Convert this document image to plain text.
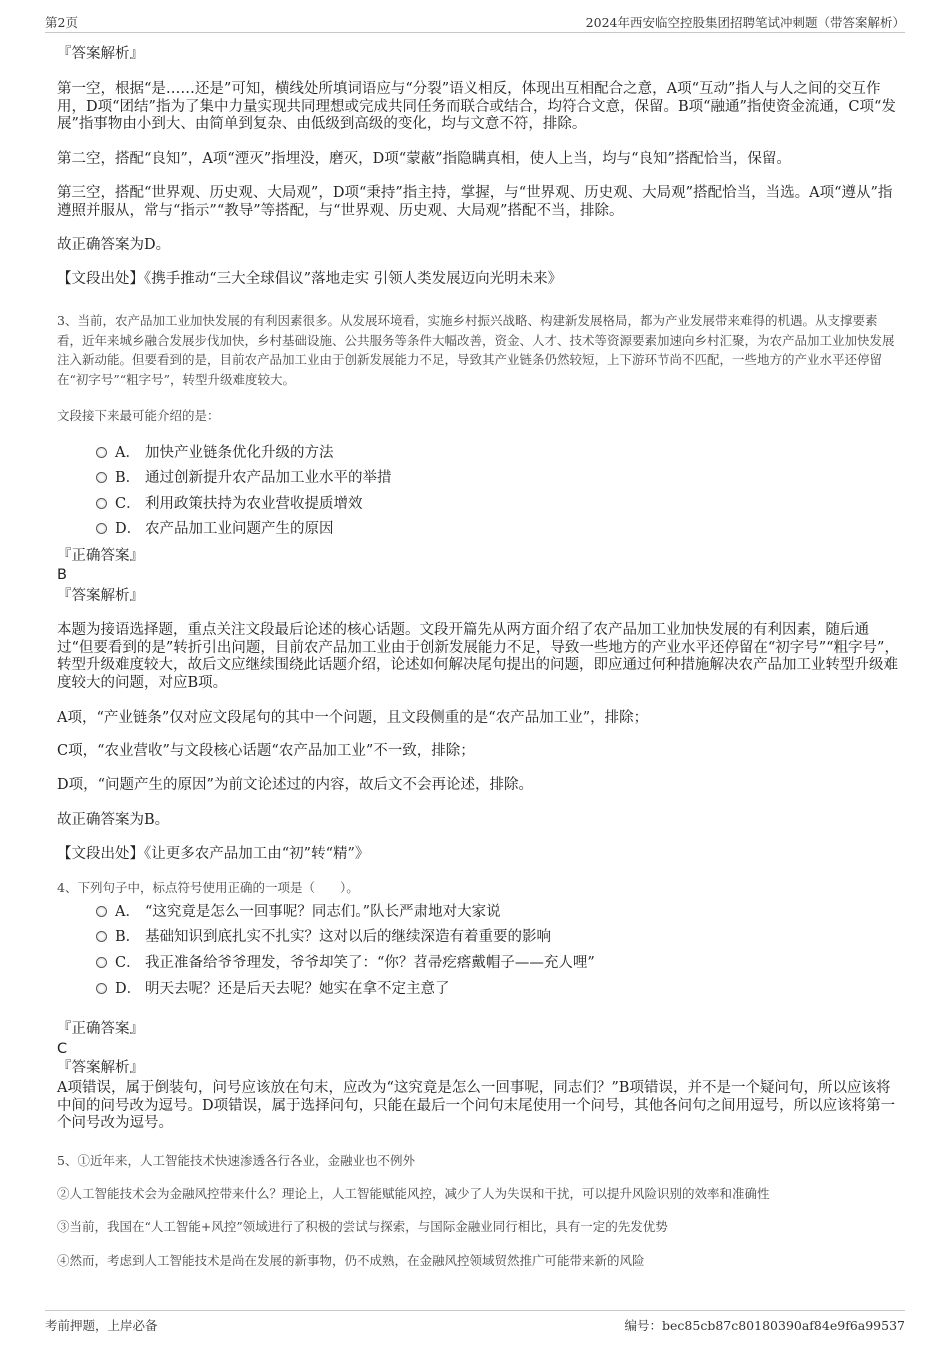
第2页	2024年西安临空控股集团招聘笔试冲刺题（带答案解析）

『答案解析』

第一空，根据“是……还是”可知，横线处所填词语应与“分裂”语义相反，体现出互相配合之意，A项“互动”指人与人之间的交互作用，D项“团结”指为了集中力量实现共同理想或完成共同任务而联合或结合，均符合文意，保留。B项“融通”指使资金流通，C项“发展”指事物由小到大、由简单到复杂、由低级到高级的变化，均与文意不符，排除。

第二空，搭配“良知”，A项“湮灭”指埋没，磨灭，D项“蒙蔽”指隐瞒真相，使人上当，均与“良知”搭配恰当，保留。

第三空，搭配“世界观、历史观、大局观”，D项“秉持”指主持，掌握，与“世界观、历史观、大局观”搭配恰当，当选。A项“遵从”指遵照并服从，常与“指示”“教导”等搭配，与“世界观、历史观、大局观”搭配不当，排除。

故正确答案为D。

【文段出处】《携手推动“三大全球倡议”落地走实 引领人类发展迈向光明未来》

3、当前，农产品加工业加快发展的有利因素很多。从发展环境看，实施乡村振兴战略、构建新发展格局，都为产业发展带来难得的机遇。从支撑要素看，近年来城乡融合发展步伐加快，乡村基础设施、公共服务等条件大幅改善，资金、人才、技术等资源要素加速向乡村汇聚，为农产品加工业加快发展注入新动能。但要看到的是，目前农产品加工业由于创新发展能力不足，导致其产业链条仍然较短，上下游环节尚不匹配，一些地方的产业水平还停留在“初字号”“粗字号”，转型升级难度较大。

文段接下来最可能介绍的是：

A． 加快产业链条优化升级的方法
B． 通过创新提升农产品加工业水平的举措
C． 利用政策扶持为农业营收提质增效
D． 农产品加工业问题产生的原因

『正确答案』

B

『答案解析』

本题为接语选择题，重点关注文段最后论述的核心话题。文段开篇先从两方面介绍了农产品加工业加快发展的有利因素，随后通过“但要看到的是”转折引出问题，目前农产品加工业由于创新发展能力不足，导致一些地方的产业水平还停留在“初字号”“粗字号”，转型升级难度较大，故后文应继续围绕此话题介绍，论述如何解决尾句提出的问题，即应通过何种措施解决农产品加工业转型升级难度较大的问题，对应B项。

A项，“产业链条”仅对应文段尾句的其中一个问题，且文段侧重的是“农产品加工业”，排除；

C项，“农业营收”与文段核心话题“农产品加工业”不一致，排除；

D项，“问题产生的原因”为前文论述过的内容，故后文不会再论述，排除。

故正确答案为B。

【文段出处】《让更多农产品加工由“初”转“精”》

4、下列句子中，标点符号使用正确的一项是（　　）。

A． “这究竟是怎么一回事呢？同志们。”队长严肃地对大家说
B． 基础知识到底扎实不扎实？这对以后的继续深造有着重要的影响
C． 我正准备给爷爷理发，爷爷却笑了：“你？苕帚疙瘩戴帽子——充人哩”
D． 明天去呢？还是后天去呢？她实在拿不定主意了

『正确答案』

C

『答案解析』

A项错误，属于倒装句，问号应该放在句末，应改为“这究竟是怎么一回事呢，同志们？”B项错误，并不是一个疑问句，所以应该将中间的问号改为逗号。D项错误，属于选择问句，只能在最后一个问句末尾使用一个问号，其他各问句之间用逗号，所以应该将第一个问号改为逗号。

5、①近年来，人工智能技术快速渗透各行各业，金融业也不例外

②人工智能技术会为金融风控带来什么？理论上，人工智能赋能风控，减少了人为失误和干扰，可以提升风险识别的效率和准确性

③当前，我国在“人工智能+风控”领域进行了积极的尝试与探索，与国际金融业同行相比，具有一定的先发优势

④然而，考虑到人工智能技术是尚在发展的新事物，仍不成熟，在金融风控领域贸然推广可能带来新的风险

考前押题，上岸必备	编号：bec85cb87c80180390af84e9f6a99537
